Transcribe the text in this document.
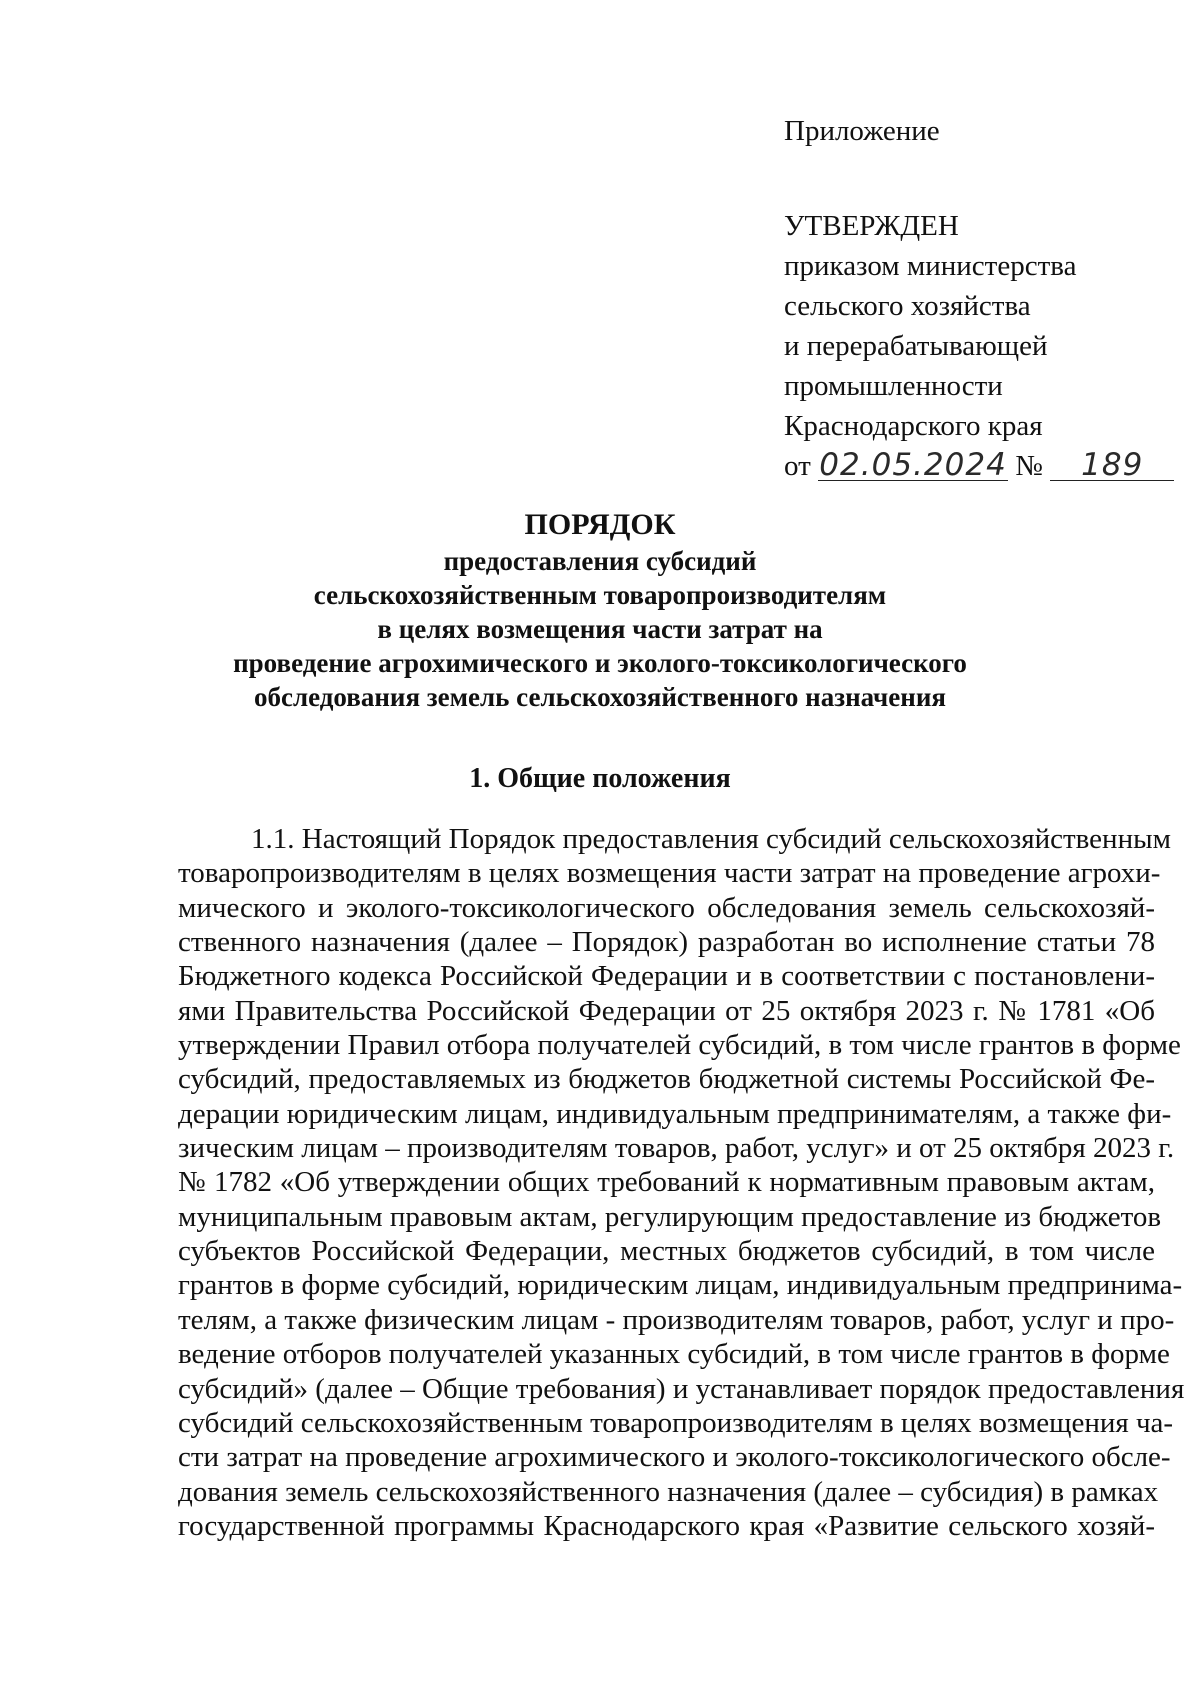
Приложение
УТВЕРЖДЕН
приказом министерства
сельского хозяйства
и перерабатывающей
промышленности
Краснодарского края
от 02.05.2024 № 189
ПОРЯДОК
предоставления субсидий
сельскохозяйственным товаропроизводителям
в целях возмещения части затрат на
проведение агрохимического и эколого-токсикологического
обследования земель сельскохозяйственного назначения
1. Общие положения
1.1. Настоящий Порядок предоставления субсидий сельскохозяйственным
товаропроизводителям в целях возмещения части затрат на проведение агрохи-
мического и эколого-токсикологического обследования земель сельскохозяй-
ственного назначения (далее – Порядок) разработан во исполнение статьи 78
Бюджетного кодекса Российской Федерации и в соответствии с постановлени-
ями Правительства Российской Федерации от 25 октября 2023 г. № 1781 «Об
утверждении Правил отбора получателей субсидий, в том числе грантов в форме
субсидий, предоставляемых из бюджетов бюджетной системы Российской Фе-
дерации юридическим лицам, индивидуальным предпринимателям, а также фи-
зическим лицам – производителям товаров, работ, услуг» и от 25 октября 2023 г.
№ 1782 «Об утверждении общих требований к нормативным правовым актам,
муниципальным правовым актам, регулирующим предоставление из бюджетов
субъектов Российской Федерации, местных бюджетов субсидий, в том числе
грантов в форме субсидий, юридическим лицам, индивидуальным предпринима-
телям, а также физическим лицам - производителям товаров, работ, услуг и про-
ведение отборов получателей указанных субсидий, в том числе грантов в форме
субсидий» (далее – Общие требования) и устанавливает порядок предоставления
субсидий сельскохозяйственным товаропроизводителям в целях возмещения ча-
сти затрат на проведение агрохимического и эколого-токсикологического обсле-
дования земель сельскохозяйственного назначения (далее – субсидия) в рамках
государственной программы Краснодарского края «Развитие сельского хозяй-
